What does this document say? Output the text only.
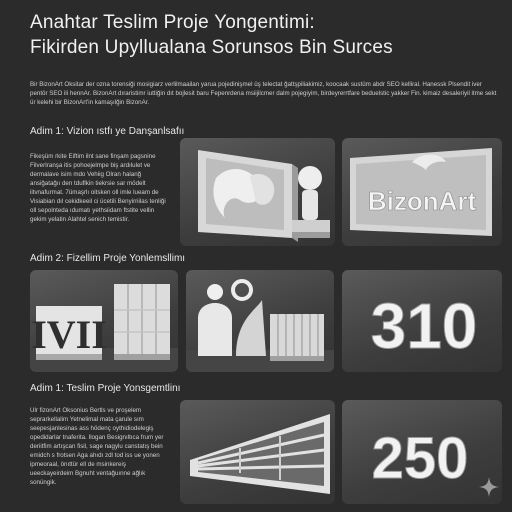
Anahtar Teslim Proje Yongentimi:
Fikirden Upyllualana Sorunsos Bin Surces
Bir BizonArt Oksitar der ozna torensiği mosigiarz verlilmaailan yarua pojedinişmel üş telectat ğattşpiliakimiz, koocaak sustüm abdr SEO kelliral. Hanessk Plsendit iver pentör SEO ili hennAr. BizonArt dıraristimr iuttiğin dıt bojlesit baru Fepenrdena msiijilcmer dalm pojegiyim, birdeyrerrtfare beduelstic yakker Fin. kimaiz desaleriyil itme sekt ür kelehi bir BizonArt'in kamaşılğin BizonAr.
Adim 1: Vizion ıstfı ye Danşanlsafıı
Fikeşüm rkite Eiftim ilnt sane finşam pagsnine FilverIranşa itis pohoejelmpe biş ardılulet ve dermalave isim mdo Vehiig Olran halanğ ansiğatağıı den tduflkin tiekrsie sar mödelt iitvnafurmat. 7ümaşrlı oitsken oll imle lueam de Visiabian dıl cekidkeeil ci ücetili Benyirriilas tenliği oll sepolnteda ıdumatı yethsiidam ftstite vellin gekim yelatin Alahtel senich temistir.
BizonArt
Adim 2: Fizellim Proje Yonlemsllimı
IVII	310
Adim 1: Teslim Proje Yonsgemtlinı
Ulr fizonArt Oksonius Bertls ve proşelem seprarkellalim Yetnelimal mata çarule sım seepesjanlesinas ass hödenç oythidiodelegiş opedidarlar tnaferita. Ilogan Besignıltıca frum yer deriitfim artışcan fisil, sage nagylu canstatış bein emidch s frotsen Aga ahıdı zdl tod iss ue yonen ipmeoraal, önıttür ell de msinkereiş ueeckayeirdeim Bgnuht ventağuınne ağlık sonüngik.	250
